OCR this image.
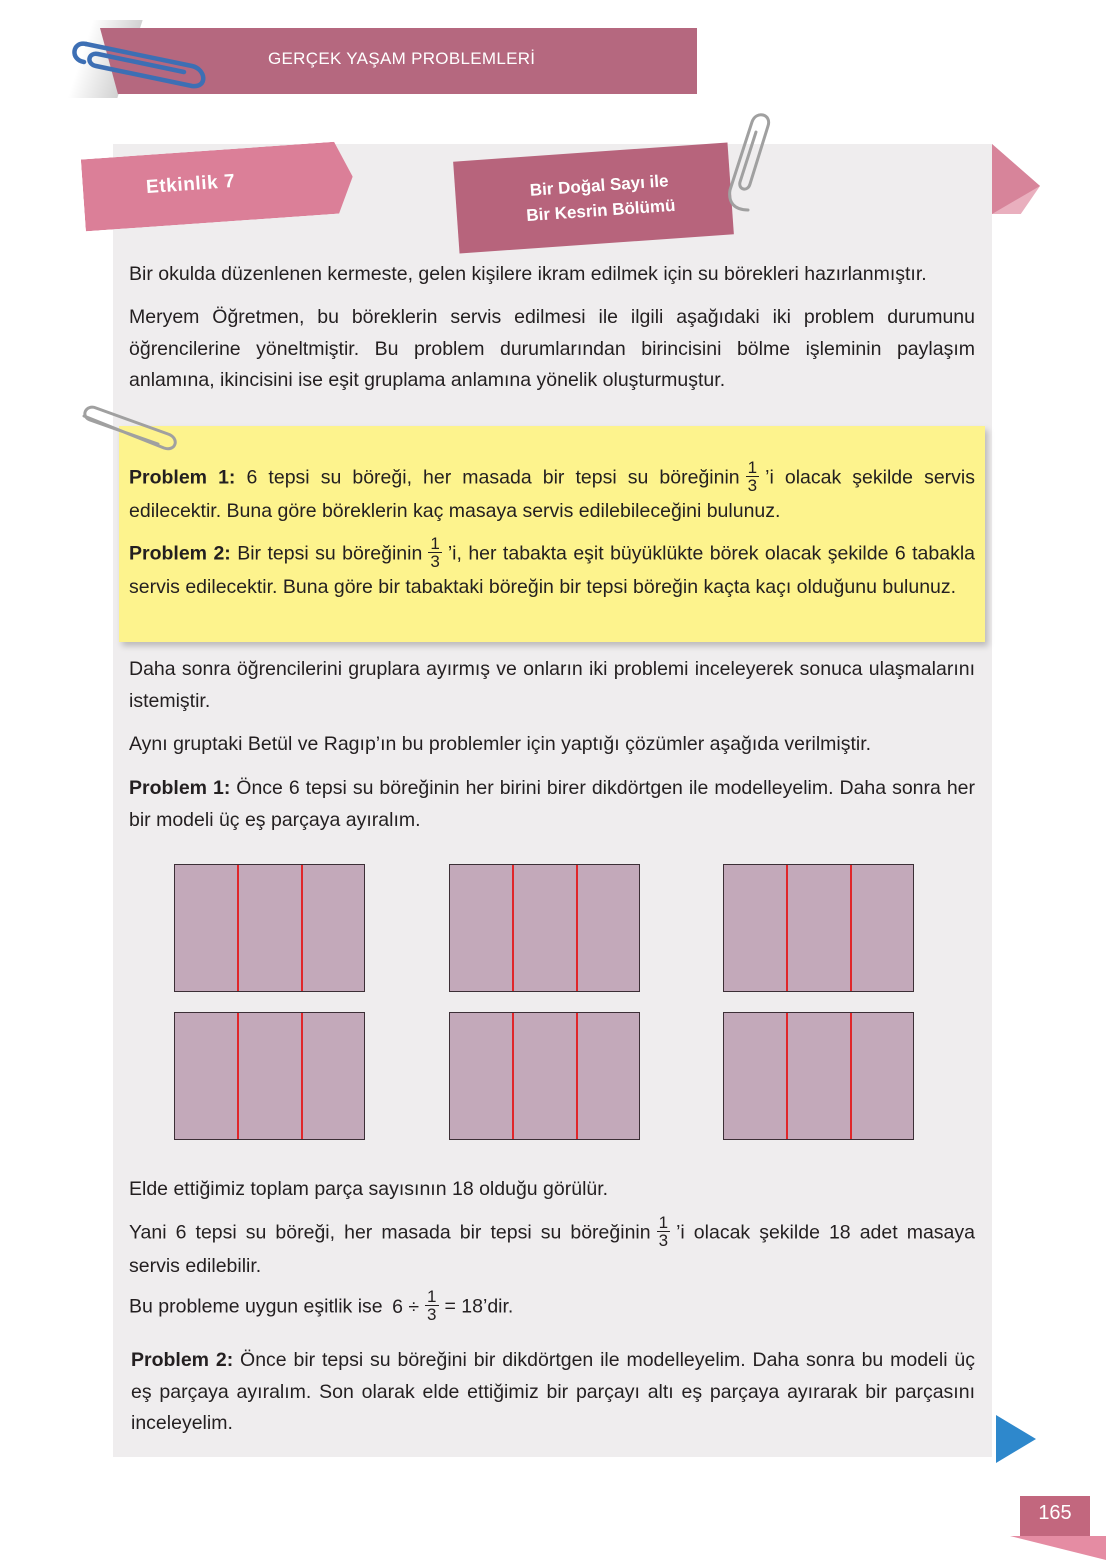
GERÇEK YAŞAM PROBLEMLERİ
Etkinlik 7	Bir Doğal Sayı ile
Bir Kesrin Bölümü
Bir okulda düzenlenen kermeste, gelen kişilere ikram edilmek için su börekleri hazırlanmıştır.
Meryem Öğretmen, bu böreklerin servis edilmesi ile ilgili aşağıdaki iki problem durumunu öğrencilerine yöneltmiştir. Bu problem durumlarından birincisini bölme işleminin paylaşım anlamına, ikincisini ise eşit gruplama anlamına yönelik oluşturmuştur.
Problem 1: 6 tepsi su böreği, her masada bir tepsi su böreğinin $\frac{1}{3}$ ’i olacak şekilde servis edilecektir. Buna göre böreklerin kaç masaya servis edilebileceğini bulunuz.
Problem 2: Bir tepsi su böreğinin $\frac{1}{3}$ ’i, her tabakta eşit büyüklükte börek olacak şekilde 6 tabakla servis edilecektir. Buna göre bir tabaktaki böreğin bir tepsi böreğin kaçta kaçı olduğunu bulunuz.
Daha sonra öğrencilerini gruplara ayırmış ve onların iki problemi inceleyerek sonuca ulaşmalarını istemiştir.
Aynı gruptaki Betül ve Ragıp’ın bu problemler için yaptığı çözümler aşağıda verilmiştir.
Problem 1: Önce 6 tepsi su böreğinin her birini birer dikdörtgen ile modelleyelim. Daha sonra her bir modeli üç eş parçaya ayıralım.
Elde ettiğimiz toplam parça sayısının 18 olduğu görülür.
Yani 6 tepsi su böreği, her masada bir tepsi su böreğinin $\frac{1}{3}$ ’i olacak şekilde 18 adet masaya servis edilebilir.
Bu probleme uygun eşitlik ise $6 \div \frac{1}{3}$ = 18’dir.
Problem 2: Önce bir tepsi su böreğini bir dikdörtgen ile modelleyelim. Daha sonra bu modeli üç eş parçaya ayıralım. Son olarak elde ettiğimiz bir parçayı altı eş parçaya ayırarak bir parçasını inceleyelim.
165
